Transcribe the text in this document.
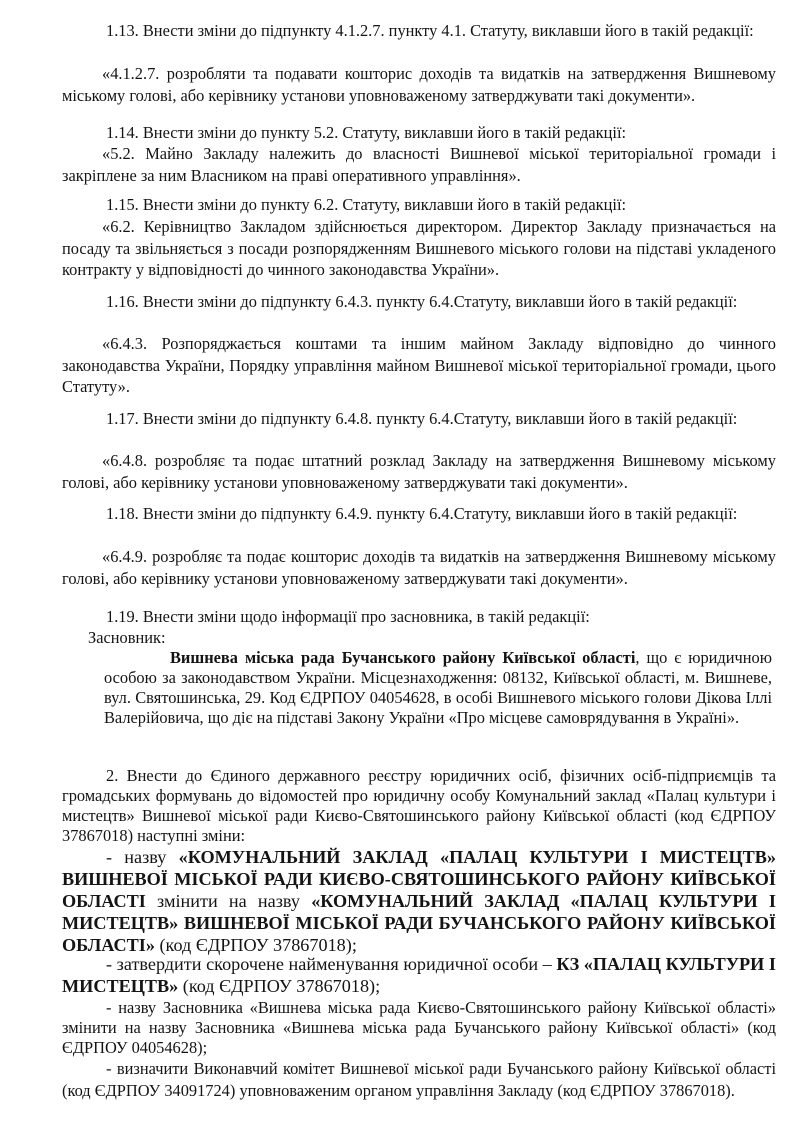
1.13. Внести зміни до підпункту 4.1.2.7. пункту 4.1. Статуту, виклавши його в такій редакції:

«4.1.2.7. розробляти та подавати кошторис доходів та видатків на затвердження Вишневому міському голові, або керівнику установи уповноваженому затверджувати такі документи».

1.14. Внести зміни до пункту 5.2. Статуту, виклавши його в такій редакції:

«5.2. Майно Закладу належить до власності Вишневої міської територіальної громади і закріплене за ним Власником на праві оперативного управління».

1.15. Внести зміни до пункту 6.2. Статуту, виклавши його в такій редакції:

«6.2. Керівництво Закладом здійснюється директором. Директор Закладу призначається на посаду та звільняється з посади розпорядженням Вишневого міського голови на підставі укладеного контракту у відповідності до чинного законодавства України».

1.16. Внести зміни до підпункту 6.4.3. пункту 6.4.Статуту, виклавши його в такій редакції:

«6.4.3. Розпоряджається коштами та іншим майном Закладу відповідно до чинного законодавства України, Порядку управління майном Вишневої міської територіальної громади, цього Статуту».

1.17. Внести зміни до підпункту 6.4.8. пункту 6.4.Статуту, виклавши його в такій редакції:

«6.4.8. розробляє та подає штатний розклад Закладу на затвердження Вишневому міському голові, або керівнику установи уповноваженому затверджувати такі документи».

1.18. Внести зміни до підпункту 6.4.9. пункту 6.4.Статуту, виклавши його в такій редакції:

«6.4.9. розробляє та подає кошторис доходів та видатків на затвердження Вишневому міському голові, або керівнику установи уповноваженому затверджувати такі документи».

1.19. Внести зміни щодо інформації про засновника, в такій редакції:

Засновник:

Вишнева міська рада Бучанського району Київської області, що є юридичною особою за законодавством України. Місцезнаходження: 08132, Київської області, м. Вишневе, вул. Святошинська, 29. Код ЄДРПОУ 04054628, в особі Вишневого міського голови Дікова Іллі Валерійовича, що діє на підставі Закону України «Про місцеве самоврядування в Україні».

2. Внести до Єдиного державного реєстру юридичних осіб, фізичних осіб-підприємців та громадських формувань до відомостей про юридичну особу Комунальний заклад «Палац культури і мистецтв» Вишневої міської ради Києво-Святошинського району Київської області (код ЄДРПОУ 37867018) наступні зміни:

- назву «КОМУНАЛЬНИЙ ЗАКЛАД «ПАЛАЦ КУЛЬТУРИ І МИСТЕЦТВ» ВИШНЕВОЇ МІСЬКОЇ РАДИ КИЄВО-СВЯТОШИНСЬКОГО РАЙОНУ КИЇВСЬКОЇ ОБЛАСТІ змінити на назву «КОМУНАЛЬНИЙ ЗАКЛАД «ПАЛАЦ КУЛЬТУРИ І МИСТЕЦТВ» ВИШНЕВОЇ МІСЬКОЇ РАДИ БУЧАНСЬКОГО РАЙОНУ КИЇВСЬКОЇ ОБЛАСТІ» (код ЄДРПОУ 37867018);

- затвердити скорочене найменування юридичної особи – КЗ «ПАЛАЦ КУЛЬТУРИ І МИСТЕЦТВ» (код ЄДРПОУ 37867018);

- назву Засновника «Вишнева міська рада Києво-Святошинського району Київської області» змінити на назву Засновника «Вишнева міська рада Бучанського району Київської області» (код ЄДРПОУ 04054628);

- визначити Виконавчий комітет Вишневої міської ради Бучанського району Київської області (код ЄДРПОУ 34091724) уповноваженим органом управління Закладу (код ЄДРПОУ 37867018).
